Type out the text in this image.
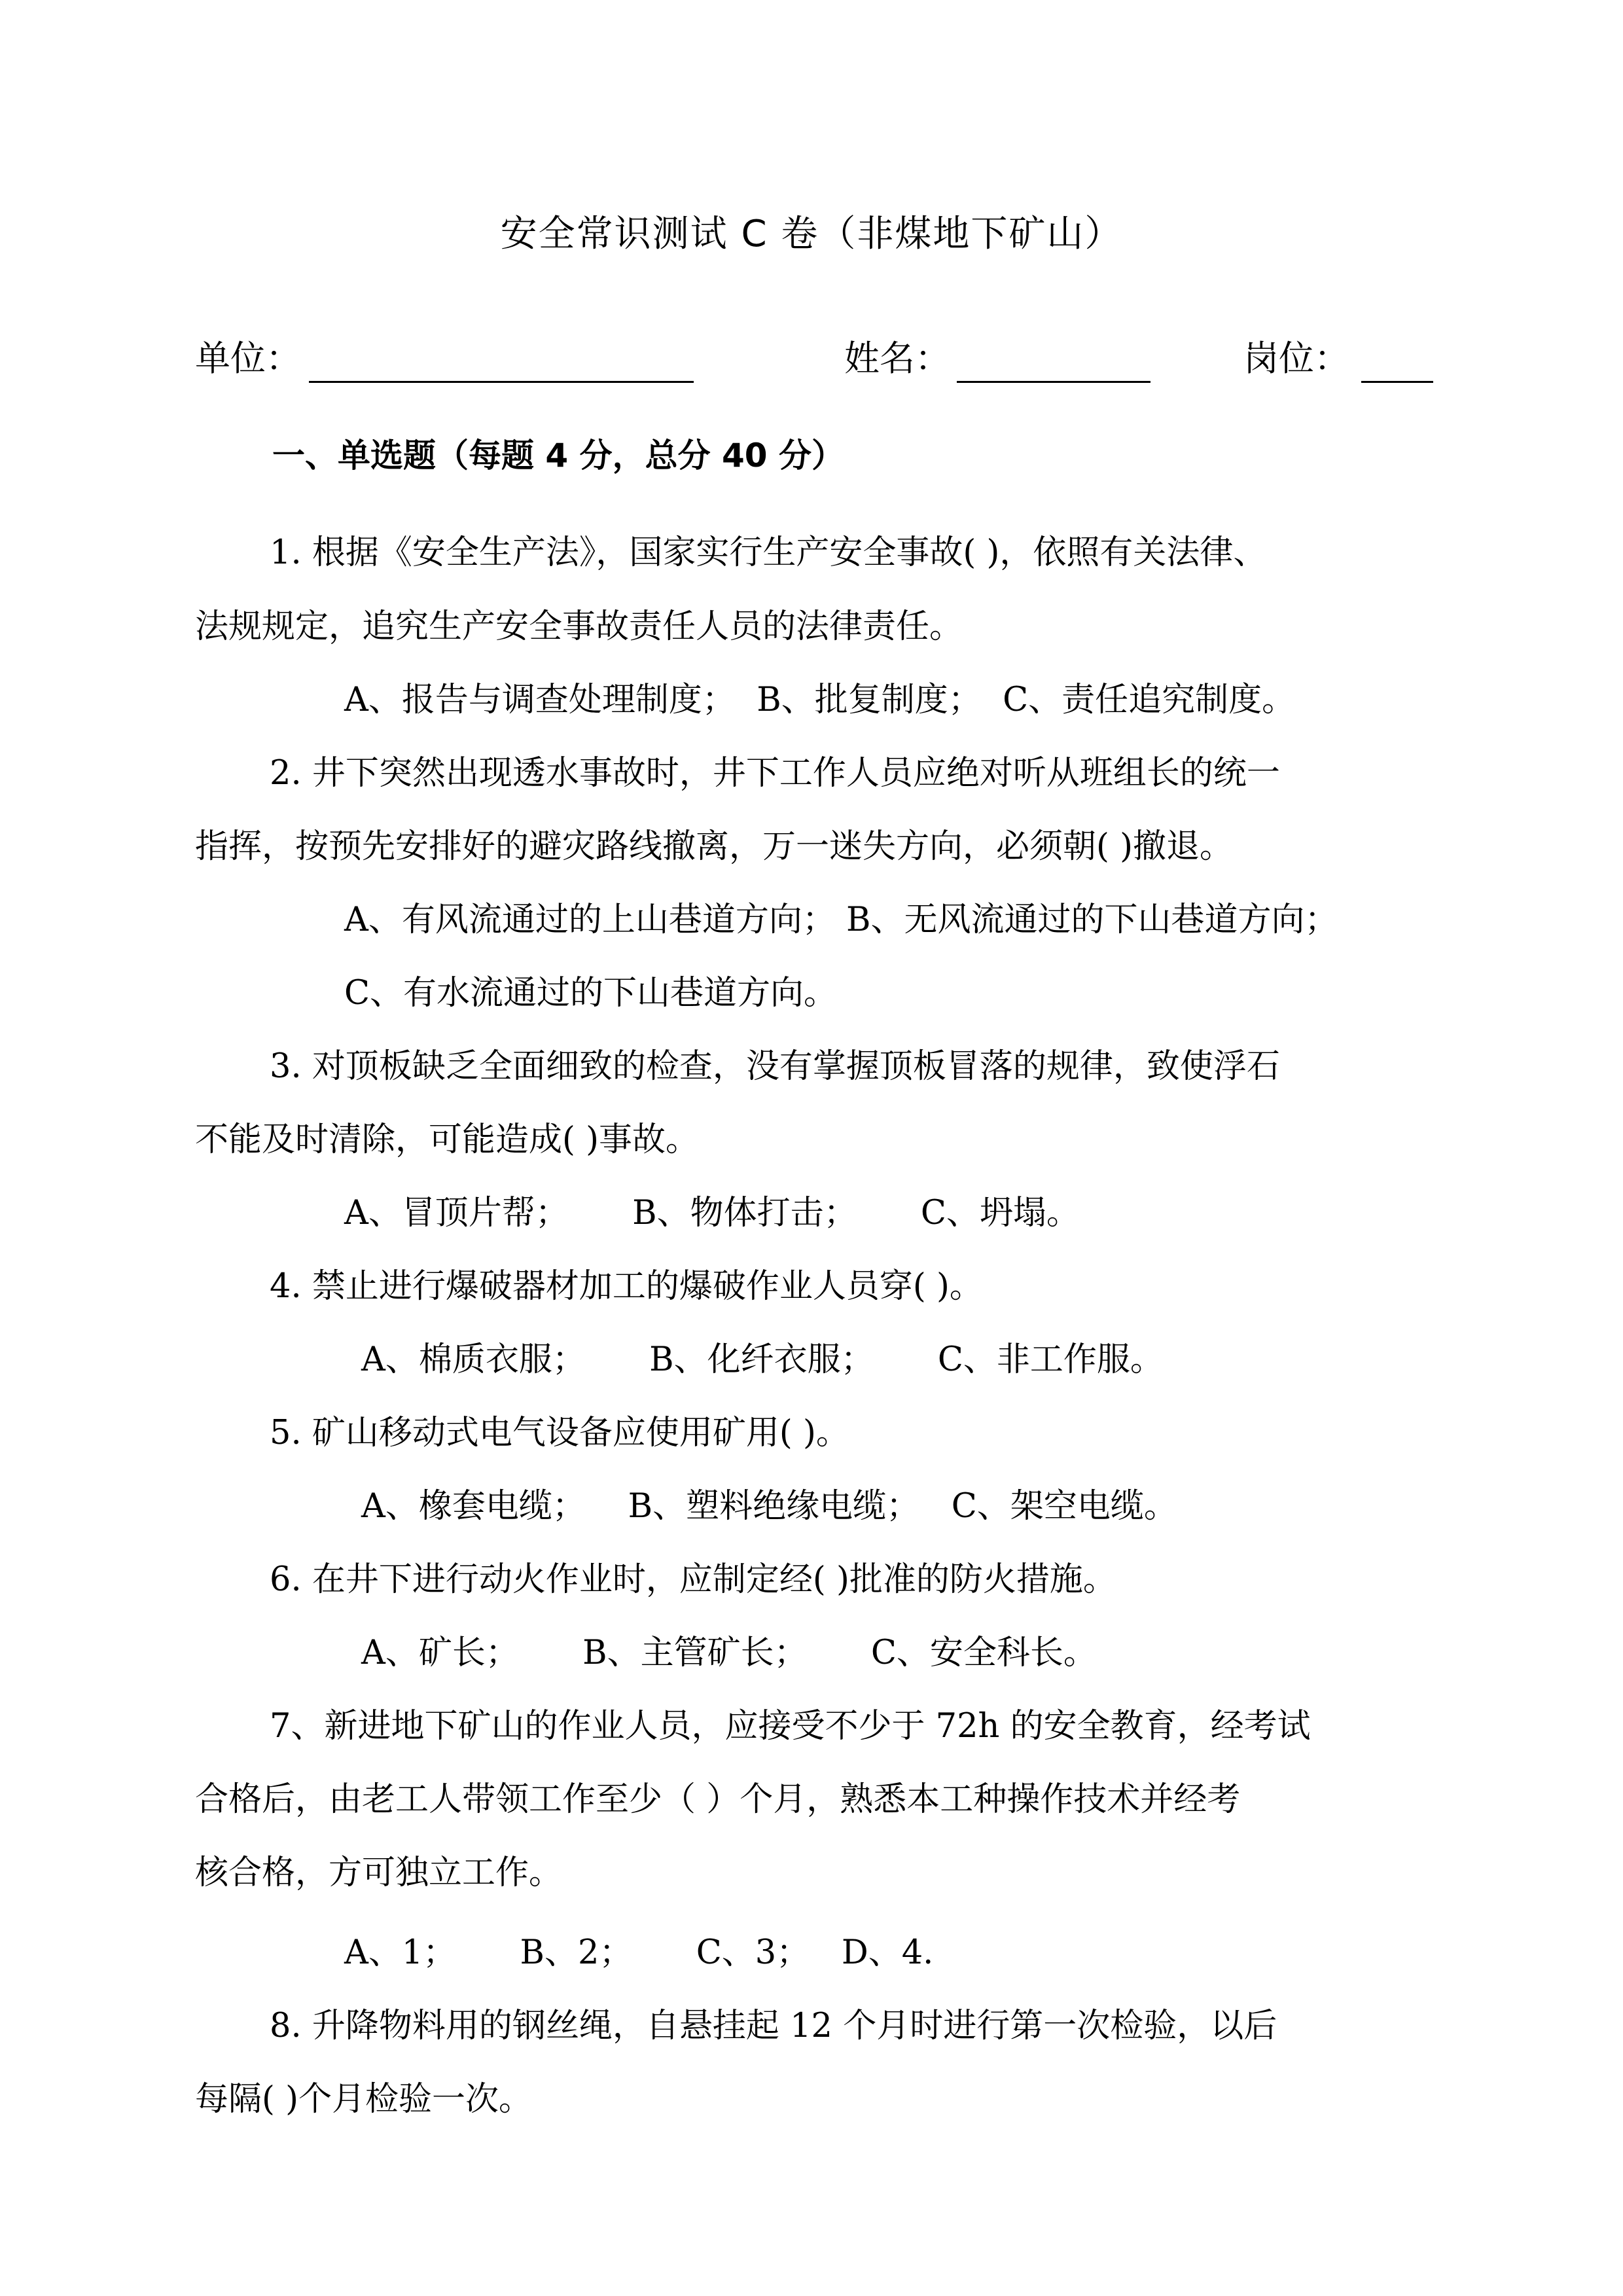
安全常识测试 C 卷（非煤地下矿山）
单位：	姓名：	岗位：
一、单选题（每题 4 分，总分 40 分）
1. 根据《安全生产法》，国家实行生产安全事故( )，依照有关法律、
法规规定，追究生产安全事故责任人员的法律责任。
A、报告与调查处理制度；  B、批复制度；  C、责任追究制度。
2. 井下突然出现透水事故时，井下工作人员应绝对听从班组长的统一
指挥，按预先安排好的避灾路线撤离，万一迷失方向，必须朝( )撤退。
A、有风流通过的上山巷道方向； B、无风流通过的下山巷道方向；
C、有水流通过的下山巷道方向。
3. 对顶板缺乏全面细致的检查，没有掌握顶板冒落的规律，致使浮石
不能及时清除，可能造成( )事故。
A、冒顶片帮；      B、物体打击；      C、坍塌。
4. 禁止进行爆破器材加工的爆破作业人员穿( )。
A、棉质衣服；      B、化纤衣服；      C、非工作服。
5. 矿山移动式电气设备应使用矿用( )。
A、橡套电缆；    B、塑料绝缘电缆；   C、架空电缆。
6. 在井下进行动火作业时，应制定经( )批准的防火措施。
A、矿长；      B、主管矿长；      C、安全科长。
7、新进地下矿山的作业人员，应接受不少于 72h 的安全教育，经考试
合格后，由老工人带领工作至少（ ）个月，熟悉本工种操作技术并经考
核合格，方可独立工作。
A、1；      B、2；      C、3；   D、4.
8. 升降物料用的钢丝绳，自悬挂起 12 个月时进行第一次检验，以后
每隔( )个月检验一次。
